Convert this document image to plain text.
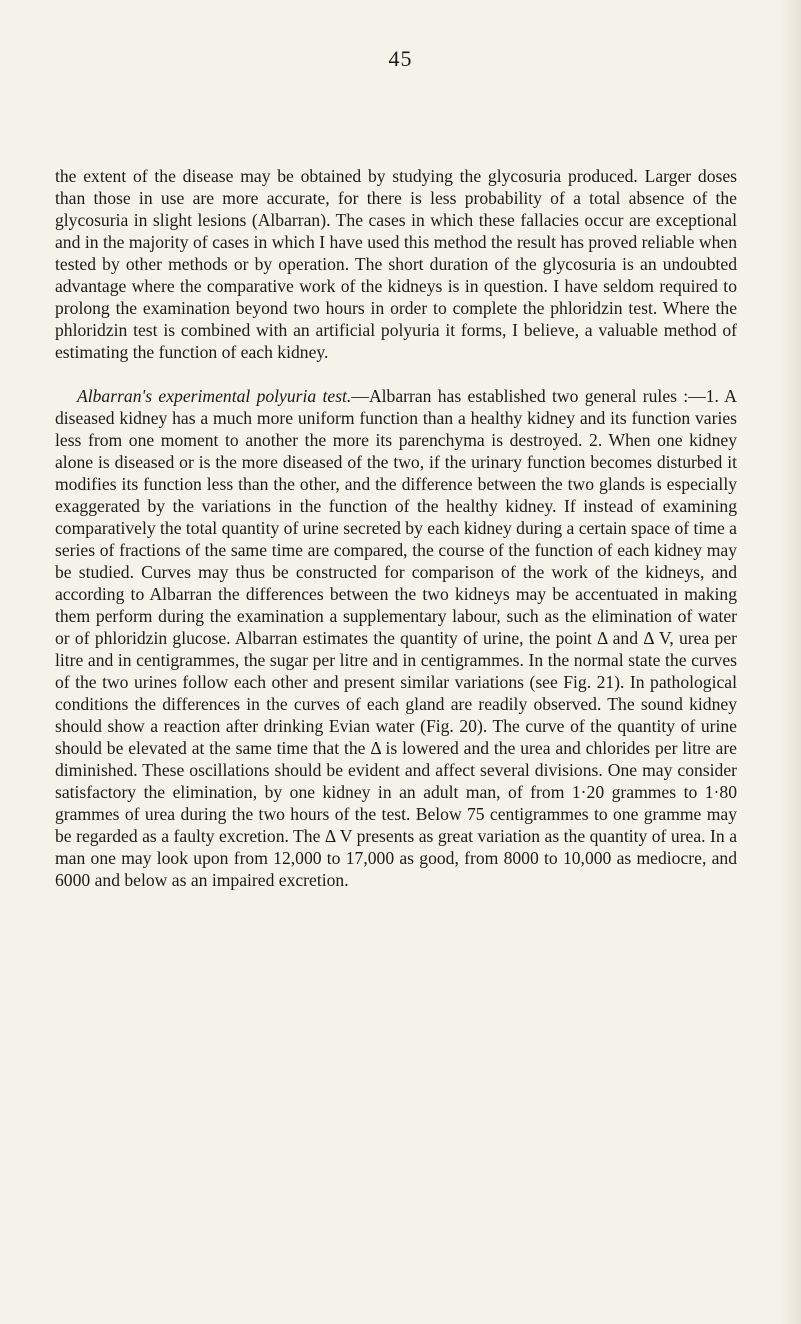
45

the extent of the disease may be obtained by studying the glycosuria produced. Larger doses than those in use are more accurate, for there is less probability of a total absence of the glycosuria in slight lesions (Albarran). The cases in which these fallacies occur are exceptional and in the majority of cases in which I have used this method the result has proved reliable when tested by other methods or by operation. The short duration of the glycosuria is an undoubted advantage where the comparative work of the kidneys is in question. I have seldom required to prolong the examination beyond two hours in order to complete the phloridzin test. Where the phloridzin test is combined with an artificial polyuria it forms, I believe, a valuable method of estimating the function of each kidney.

Albarran's experimental polyuria test.—Albarran has established two general rules :—1. A diseased kidney has a much more uniform function than a healthy kidney and its function varies less from one moment to another the more its parenchyma is destroyed. 2. When one kidney alone is diseased or is the more diseased of the two, if the urinary function becomes disturbed it modifies its function less than the other, and the difference between the two glands is especially exaggerated by the variations in the function of the healthy kidney. If instead of examining comparatively the total quantity of urine secreted by each kidney during a certain space of time a series of fractions of the same time are compared, the course of the function of each kidney may be studied. Curves may thus be constructed for comparison of the work of the kidneys, and according to Albarran the differences between the two kidneys may be accentuated in making them perform during the examination a supplementary labour, such as the elimination of water or of phloridzin glucose. Albarran estimates the quantity of urine, the point Δ and Δ V, urea per litre and in centigrammes, the sugar per litre and in centigrammes. In the normal state the curves of the two urines follow each other and present similar variations (see Fig. 21). In pathological conditions the differences in the curves of each gland are readily observed. The sound kidney should show a reaction after drinking Evian water (Fig. 20). The curve of the quantity of urine should be elevated at the same time that the Δ is lowered and the urea and chlorides per litre are diminished. These oscillations should be evident and affect several divisions. One may consider satisfactory the elimination, by one kidney in an adult man, of from 1·20 grammes to 1·80 grammes of urea during the two hours of the test. Below 75 centigrammes to one gramme may be regarded as a faulty excretion. The Δ V presents as great variation as the quantity of urea. In a man one may look upon from 12,000 to 17,000 as good, from 8000 to 10,000 as mediocre, and 6000 and below as an impaired excretion.
